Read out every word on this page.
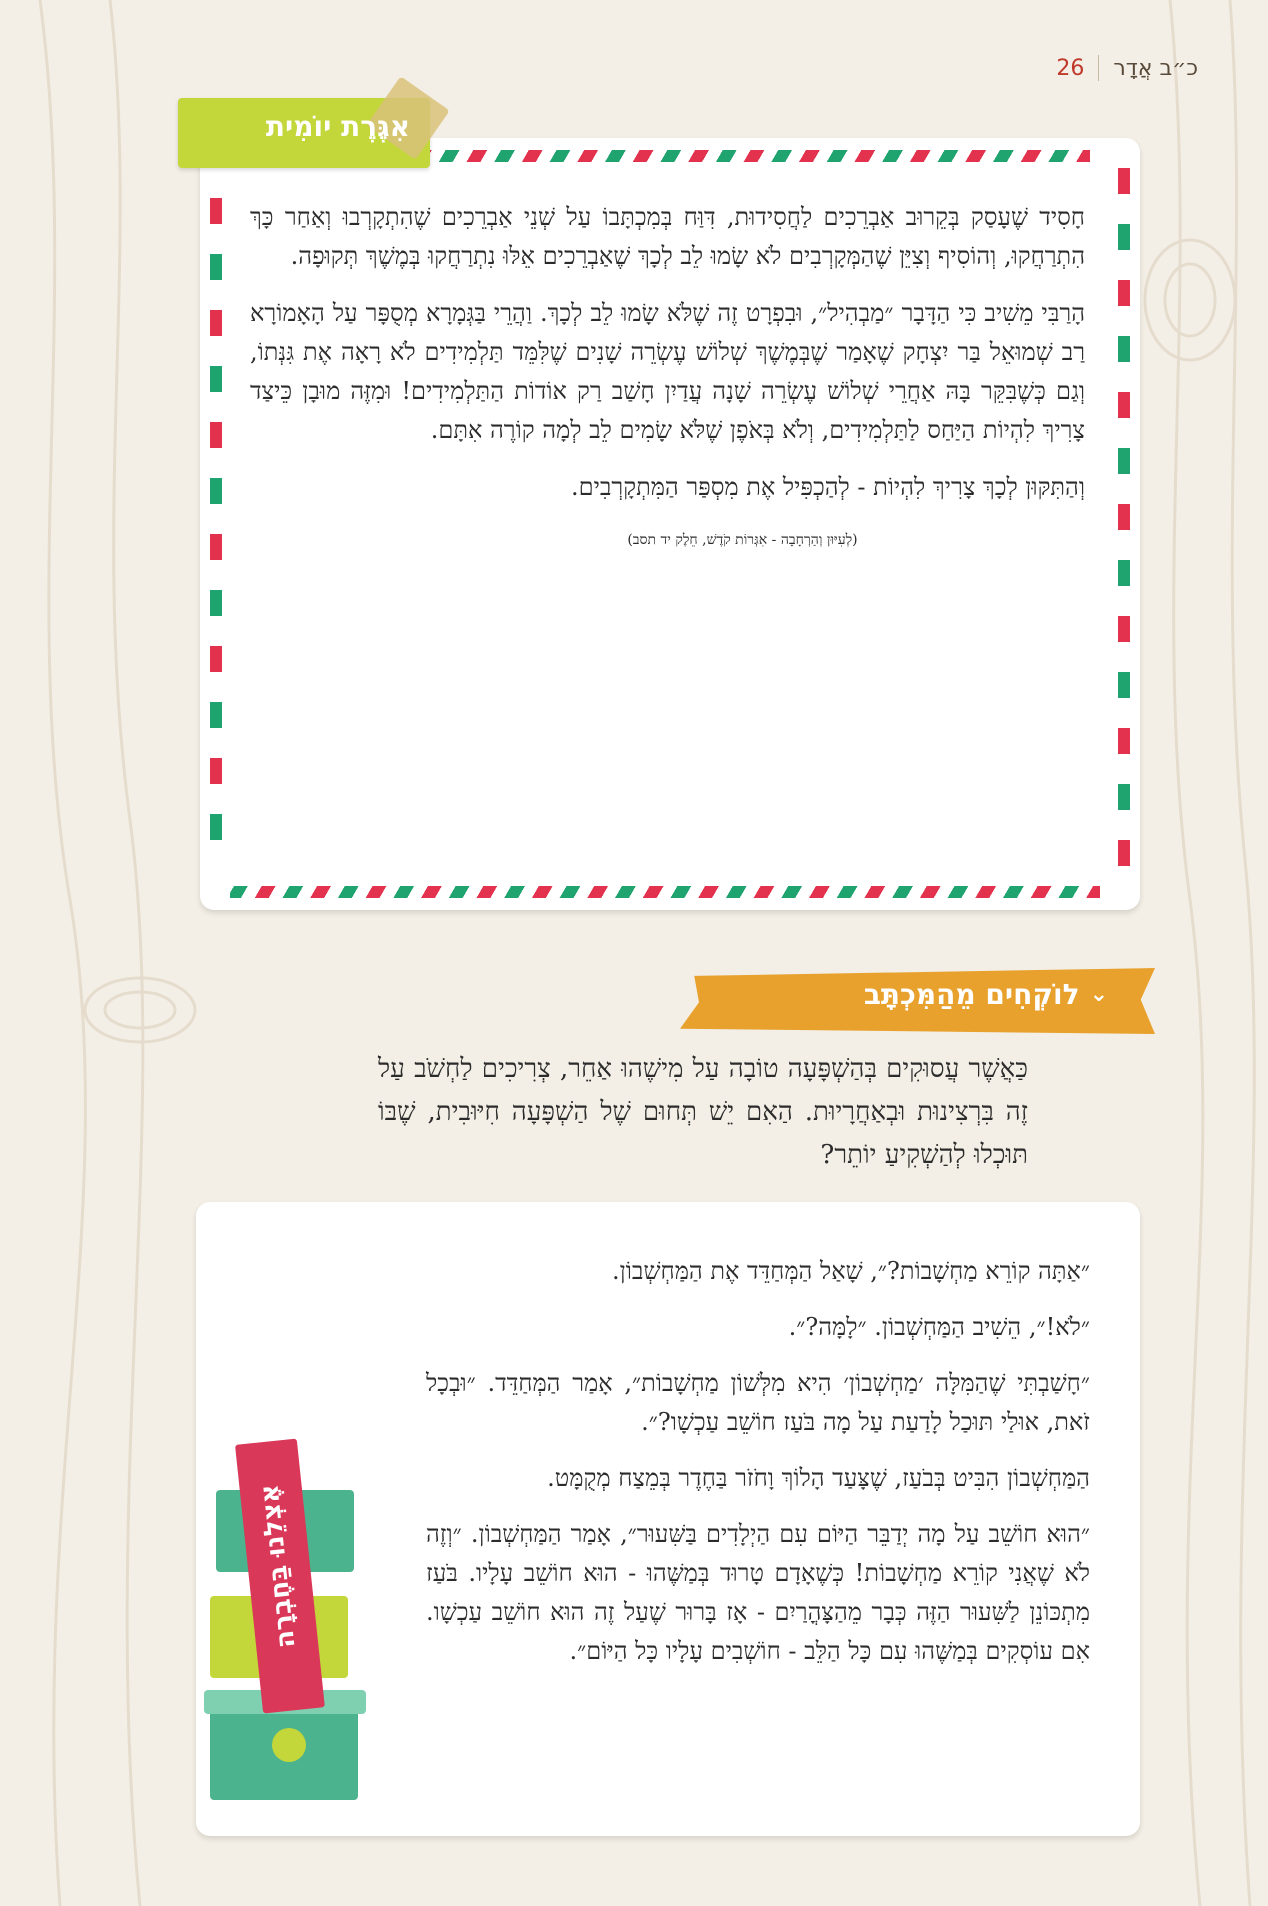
26 כ״ב אֲדָר

חָסִיד שֶׁעָסַק בְּקֵרוּב אַבְרֵכִים לַחֲסִידוּת, דִּוַּח בְּמִכְתָּבוֹ עַל שְׁנֵי אַבְרֵכִים שֶׁהִתְקָרְבוּ וְאַחַר כָּךְ הִתְרַחֲקוּ, וְהוֹסִיף וְצִיֵּן שֶׁהַמְּקָרְבִים לֹא שָׂמוּ לֵב לְכָךְ שֶׁאַבְרֵכִים אֵלּוּ נִתְרַחֲקוּ בְּמֶשֶׁךְ תְּקוּפָה.

הָרַבִּי מֵשִׁיב כִּי הַדָּבָר ״מַבְהִיל״, וּבִפְרָט זֶה שֶׁלֹּא שָׂמוּ לֵב לְכָךְ. וַהֲרֵי בַּגְּמָרָא מְסֻפָּר עַל הָאָמוֹרָא רַב שְׁמוּאֵל בַּר יִצְחָק שֶׁאָמַר שֶׁבְּמֶשֶׁךְ שְׁלוֹשׁ עֶשְׂרֵה שָׁנִים שֶׁלִּמֵּד תַּלְמִידִים לֹא רָאָה אֶת גִּנְּתוֹ, וְגַם כְּשֶׁבִּקֵּר בָּהּ אַחֲרֵי שְׁלוֹשׁ עֶשְׂרֵה שָׁנָה עֲדַיִן חָשַׁב רַק אוֹדוֹת הַתַּלְמִידִים! וּמִזֶּה מוּבָן כֵּיצַד צָרִיךְ לִהְיוֹת הַיַּחַס לַתַּלְמִידִים, וְלֹא בְּאֹפֶן שֶׁלֹּא שָׂמִים לֵב לְמָה קוֹרֶה אִתָּם.

וְהַתִּקּוּן לְכָךְ צָרִיךְ לִהְיוֹת - לְהַכְפִּיל אֶת מִסְפַּר הַמִּתְקָרְבִים.

(לְעִיּוּן וְהַרְחָבָה - אִגְּרוֹת קֹדֶשׁ, חֵלֶק יד תסב)

אִגֶּרֶת יוֹמִית
⌄
לוֹקְחִים מֵהַמִּכְתָּב
כַּאֲשֶׁר עֲסוּקִים בְּהַשְׁפָּעָה טוֹבָה עַל מִישֶׁהוּ אַחֵר, צְרִיכִים לַחְשֹׁב עַל זֶה בִּרְצִינוּת וּבְאַחֲרָיוּת. הַאִם יֵשׁ תְּחוּם שֶׁל הַשְׁפָּעָה חִיּוּבִית, שֶׁבּוֹ תּוּכְלוּ לְהַשְׁקִיעַ יוֹתֵר?

״אַתָּה קוֹרֵא מַחְשָׁבוֹת?״, שָׁאַל הַמְּחַדֵּד אֶת הַמַּחְשְׁבוֹן.

״לֹא!״, הֵשִׁיב הַמַּחְשְׁבוֹן. ״לָמָּה?״.

״חָשַׁבְתִּי שֶׁהַמִּלָּה ׳מַחְשְׁבוֹן׳ הִיא מִלְּשׁוֹן מַחְשָׁבוֹת״, אָמַר הַמְּחַדֵּד. ״וּבְכָל זֹאת, אוּלַי תּוּכַל לָדַעַת עַל מָה בֹּעַז חוֹשֵׁב עַכְשָׁו?״.

הַמַּחְשְׁבוֹן הִבִּיט בְּבֹעַז, שֶׁצָּעַד הָלוֹךְ וָחֹזֹר בַּחֶדֶר בְּמֵצַח מְקֻמָּט.

״הוּא חוֹשֵׁב עַל מָה יְדַבֵּר הַיּוֹם עִם הַיְלָדִים בַּשִּׁעוּר״, אָמַר הַמַּחְשְׁבוֹן. ״וְזֶה לֹא שֶׁאֲנִי קוֹרֵא מַחְשָׁבוֹת! כְּשֶׁאָדָם טָרוּד בְּמַשֶּׁהוּ - הוּא חוֹשֵׁב עָלָיו. בֹּעַז מִתְכּוֹנֵן לַשִּׁעוּר הַזֶּה כְּבָר מֵהַצָּהֳרַיִם - אָז בָּרוּר שֶׁעַל זֶה הוּא חוֹשֵׁב עַכְשָׁו. אִם עוֹסְקִים בְּמַשֶּׁהוּ עִם כָּל הַלֵּב - חוֹשְׁבִים עָלָיו כָּל הַיּוֹם״.

אֶצְלֵנוּ בַּחֶבְרָה
